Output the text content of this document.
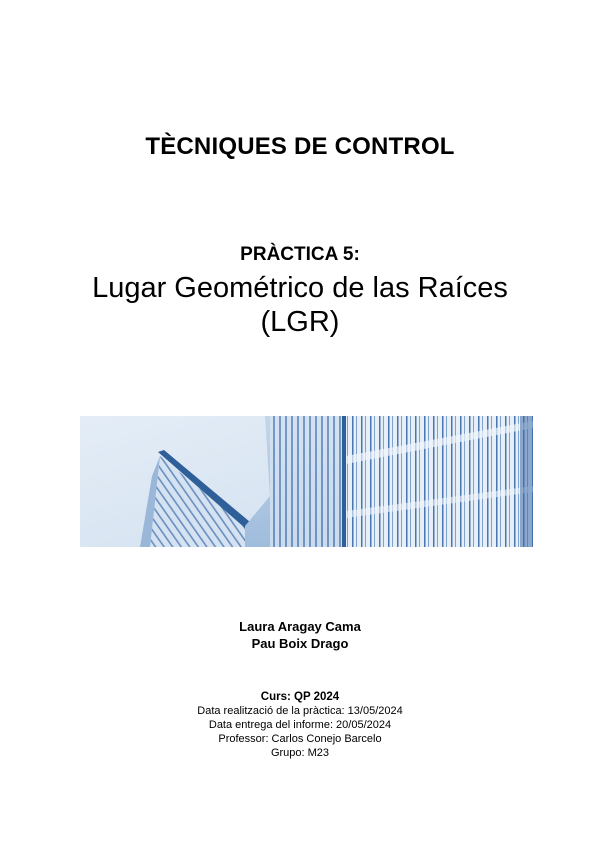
TÈCNIQUES DE CONTROL
PRÀCTICA 5:
Lugar Geométrico de las Raíces
(LGR)
Laura Aragay Cama
Pau Boix Drago
Curs: QP 2024
Data realització de la pràctica: 13/05/2024
Data entrega del informe: 20/05/2024
Professor: Carlos Conejo Barcelo
Grupo: M23
